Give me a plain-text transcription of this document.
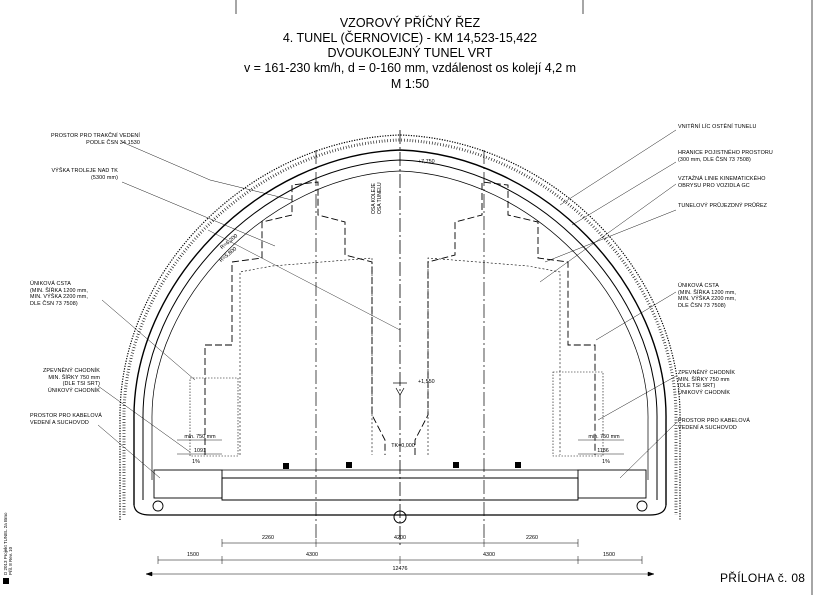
VZOROVÝ PŘÍČNÝ ŘEZ

4. TUNEL (ČERNOVICE) - KM 14,523-15,422

DVOUKOLEJNÝ TUNEL VRT

v = 161-230 km/h, d = 0-160 mm, vzdálenost os kolejí 4,2 m

M 1:50

PROSTOR PRO TRAKČNÍ VEDENÍ
PODLE ČSN 34 1530
VÝŠKA TROLEJE NAD TK
(5300 mm)
ÚNIKOVÁ CSTA
(MIN. ŠÍŘKA 1200 mm,
MIN. VÝŠKA 2200 mm,
DLE ČSN 73 7508)
ZPEVNĚNÝ CHODNÍK
MIN. ŠÍŘKY 750 mm
(DLE TSI SRT)
ÚNIKOVÝ CHODNÍK
PROSTOR PRO KABELOVÁ
VEDENÍ A SUCHOVOD
VNITŘNÍ LÍC OSTĚNÍ TUNELU
HRANICE POJISTNÉHO PROSTORU
(300 mm, DLE ČSN 73 7508)
VZTAŽNÁ LINIE KINEMATICKÉHO
OBRYSU PRO VOZIDLA GC
TUNELOVÝ PRŮJEZDNÝ PRŮŘEZ
ÚNIKOVÁ CSTA
(MIN. ŠÍŘKA 1200 mm,
MIN. VÝŠKA 2200 mm,
DLE ČSN 73 7508)
ZPEVNĚNÝ CHODNÍK
MIN. ŠÍŘKY 750 mm
(DLE TSI SRT)
ÚNIKOVÝ CHODNÍK
PROSTOR PRO KABELOVÁ
VEDENÍ A SUCHOVOD
OSA KOLEJE
OSA TUNELU
+7,750
+1,550
TK=0,000
R=6,200
R=5,800
min. 750 mm
1091
1%
min. 750 mm
1186
1%
2260	4200	2260
1500	4300	4300	1500
12476
D 2013 Projekt TUNEL 2a Brno
Příl. 8 Rev. 10
PŘÍLOHA č. 08
